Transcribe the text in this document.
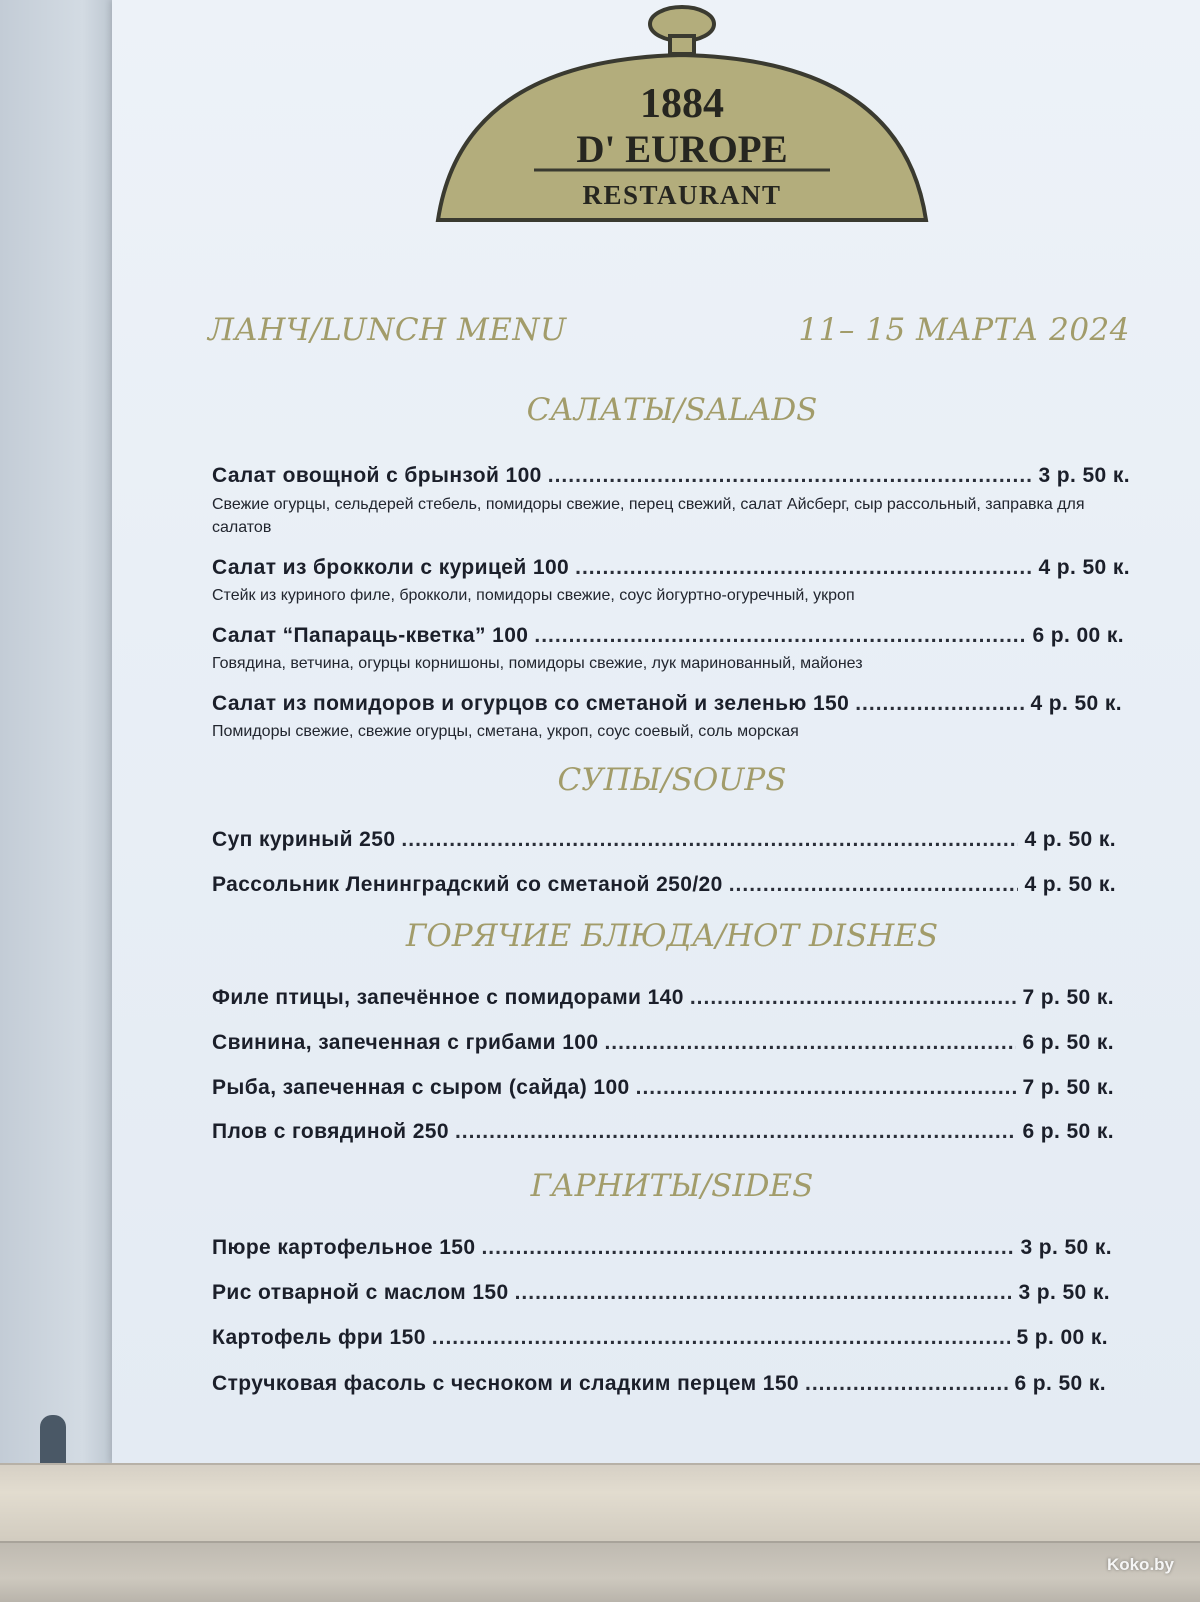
1884
D' EUROPE
RESTAURANT
ЛАНЧ/LUNCH MENU	11– 15 МАРТА 2024
САЛАТЫ/SALADS
Салат овощной с брынзой 100 .....	3 р. 50 к.
Свежие огурцы, сельдерей стебель, помидоры свежие, перец свежий, салат Айсберг, сыр рассольный, заправка для салатов
Салат из брокколи с курицей 100 .....	4 р. 50 к.
Стейк из куриного филе, брокколи, помидоры свежие, соус йогуртно-огуречный, укроп
Салат “Папараць-кветка” 100 .....	6 р. 00 к.
Говядина, ветчина, огурцы корнишоны, помидоры свежие, лук маринованный, майонез
Салат из помидоров и огурцов со сметаной и зеленью 150 .....	4 р. 50 к.
Помидоры свежие, свежие огурцы, сметана, укроп, соус соевый, соль морская
СУПЫ/SOUPS
Суп куриный 250 .....	4 р. 50 к.
Рассольник Ленинградский со сметаной 250/20 .....	4 р. 50 к.
ГОРЯЧИЕ БЛЮДА/HOT DISHES
Филе птицы, запечённое с помидорами 140 .....	7 р. 50 к.
Свинина, запеченная с грибами 100 .....	6 р. 50 к.
Рыба, запеченная с сыром (сайда) 100 .....	7 р. 50 к.
Плов с говядиной 250 .....	6 р. 50 к.
ГАРНИТЫ/SIDES
Пюре картофельное 150 .....	3 р. 50 к.
Рис отварной с маслом 150 .....	3 р. 50 к.
Картофель фри 150 .....	5 р. 00 к.
Стручковая фасоль с чесноком и сладким перцем 150 .....	6 р. 50 к.
Koko.by
